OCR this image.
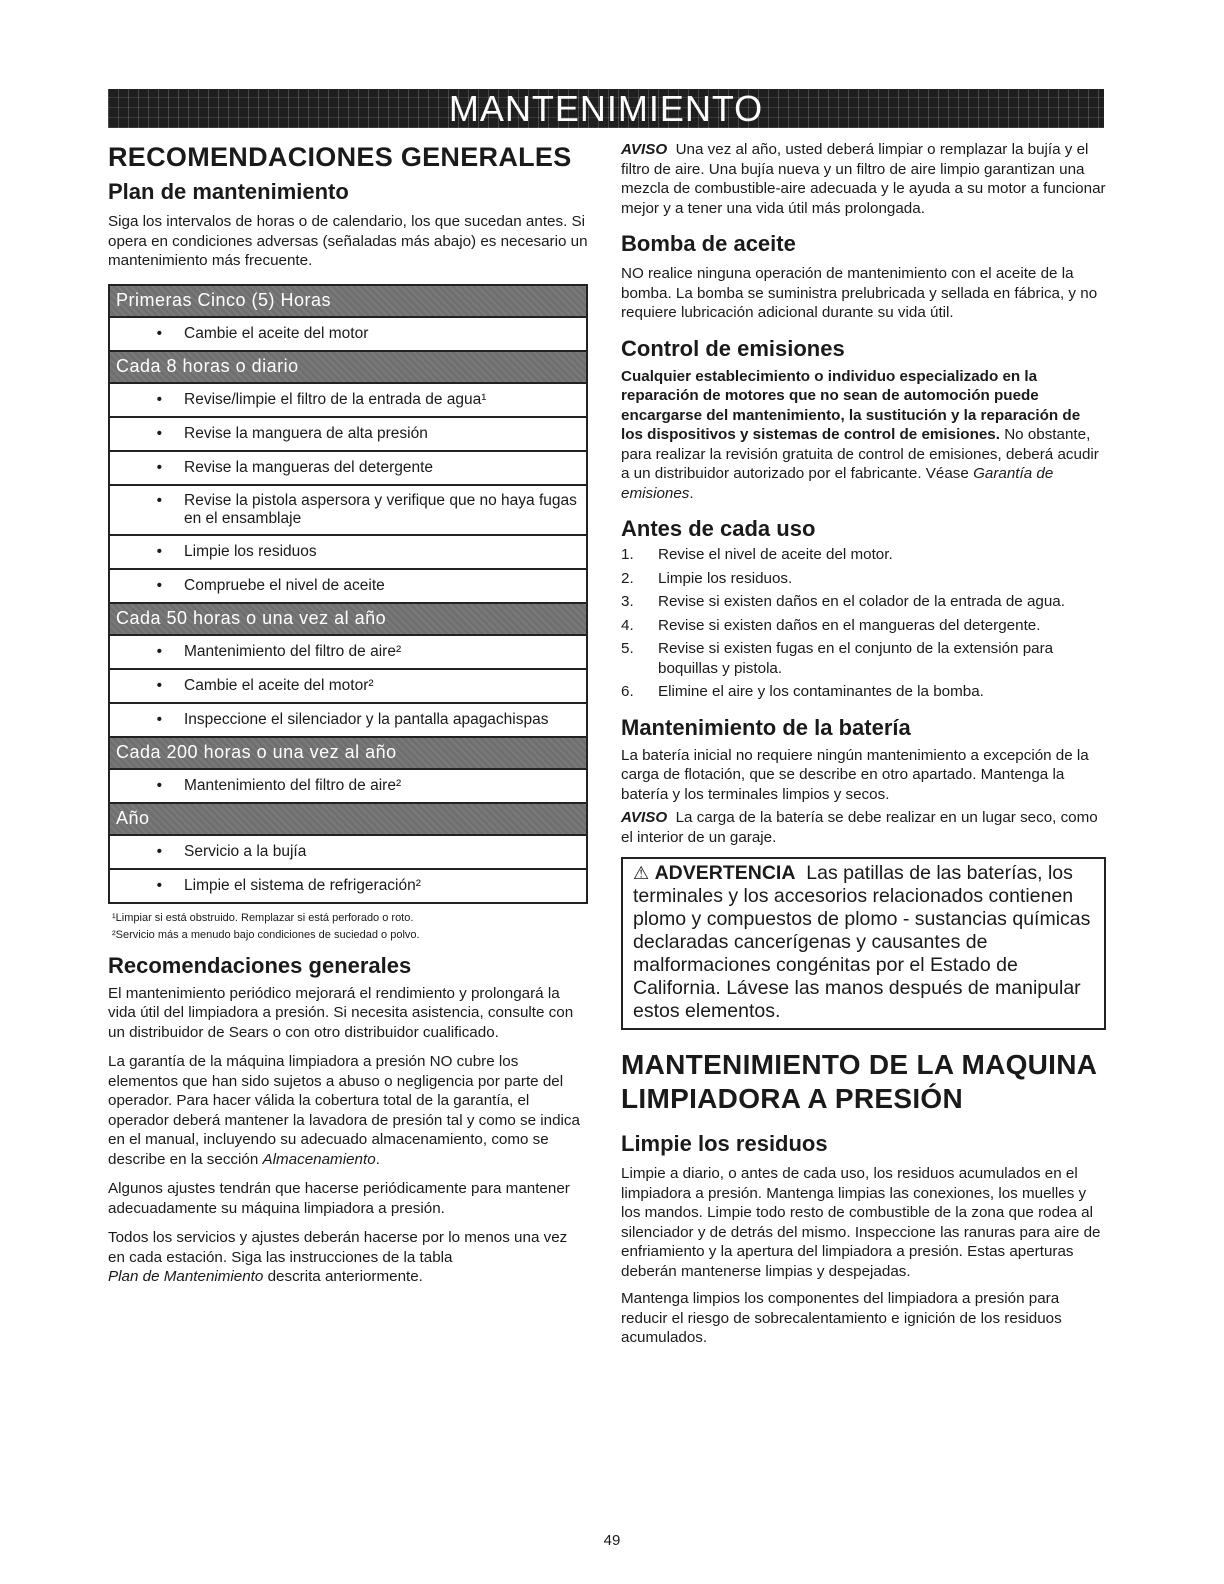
MANTENIMIENTO
RECOMENDACIONES GENERALES
Plan de mantenimiento

Siga los intervalos de horas o de calendario, los que sucedan antes. Si opera en condiciones adversas (señaladas más abajo) es necesario un mantenimiento más frecuente.

Primeras Cinco (5) Horas

•	Cambie el aceite del motor

Cada 8 horas o diario

•	Revise/limpie el filtro de la entrada de agua¹

•	Revise la manguera de alta presión

•	Revise la mangueras del detergente

•	Revise la pistola aspersora y verifique que no haya fugas en el ensamblaje

•	Limpie los residuos

•	Compruebe el nivel de aceite

Cada 50 horas o una vez al año

•	Mantenimiento del filtro de aire²

•	Cambie el aceite del motor²

•	Inspeccione el silenciador y la pantalla apagachispas

Cada 200 horas o una vez al año

•	Mantenimiento del filtro de aire²

Año

•	Servicio a la bujía

•	Limpie el sistema de refrigeración²
¹Limpiar si está obstruido. Remplazar si está perforado o roto.
²Servicio más a menudo bajo condiciones de suciedad o polvo.
Recomendaciones generales

El mantenimiento periódico mejorará el rendimiento y prolongará la vida útil del limpiadora a presión. Si necesita asistencia, consulte con un distribuidor de Sears o con otro distribuidor cualificado.

La garantía de la máquina limpiadora a presión NO cubre los elementos que han sido sujetos a abuso o negligencia por parte del operador. Para hacer válida la cobertura total de la garantía, el operador deberá mantener la lavadora de presión tal y como se indica en el manual, incluyendo su adecuado almacenamiento, como se describe en la sección Almacenamiento.

Algunos ajustes tendrán que hacerse periódicamente para mantener adecuadamente su máquina limpiadora a presión.

Todos los servicios y ajustes deberán hacerse por lo menos una vez en cada estación. Siga las instrucciones de la tabla
Plan de Mantenimiento descrita anteriormente.

AVISO Una vez al año, usted deberá limpiar o remplazar la bujía y el filtro de aire. Una bujía nueva y un filtro de aire limpio garantizan una mezcla de combustible-aire adecuada y le ayuda a su motor a funcionar mejor y a tener una vida útil más prolongada.

Bomba de aceite

NO realice ninguna operación de mantenimiento con el aceite de la bomba. La bomba se suministra prelubricada y sellada en fábrica, y no requiere lubricación adicional durante su vida útil.

Control de emisiones

Cualquier establecimiento o individuo especializado en la reparación de motores que no sean de automoción puede encargarse del mantenimiento, la sustitución y la reparación de los dispositivos y sistemas de control de emisiones. No obstante, para realizar la revisión gratuita de control de emisiones, deberá acudir a un distribuidor autorizado por el fabricante. Véase Garantía de emisiones.

Antes de cada uso
1.	Revise el nivel de aceite del motor.
2.	Limpie los residuos.
3.	Revise si existen daños en el colador de la entrada de agua.
4.	Revise si existen daños en el mangueras del detergente.
5.	Revise si existen fugas en el conjunto de la extensión para boquillas y pistola.
6.	Elimine el aire y los contaminantes de la bomba.
Mantenimiento de la batería

La batería inicial no requiere ningún mantenimiento a excepción de la carga de flotación, que se describe en otro apartado. Mantenga la batería y los terminales limpios y secos.

AVISO La carga de la batería se debe realizar en un lugar seco, como el interior de un garaje.

⚠ ADVERTENCIA Las patillas de las baterías, los terminales y los accesorios relacionados contienen plomo y compuestos de plomo - sustancias químicas declaradas cancerígenas y causantes de malformaciones congénitas por el Estado de California. Lávese las manos después de manipular estos elementos.
MANTENIMIENTO DE LA MAQUINA LIMPIADORA A PRESIÓN
Limpie los residuos

Limpie a diario, o antes de cada uso, los residuos acumulados en el limpiadora a presión. Mantenga limpias las conexiones, los muelles y los mandos. Limpie todo resto de combustible de la zona que rodea al silenciador y de detrás del mismo. Inspeccione las ranuras para aire de enfriamiento y la apertura del limpiadora a presión. Estas aperturas deberán mantenerse limpias y despejadas.

Mantenga limpios los componentes del limpiadora a presión para reducir el riesgo de sobrecalentamiento e ignición de los residuos acumulados.

49
